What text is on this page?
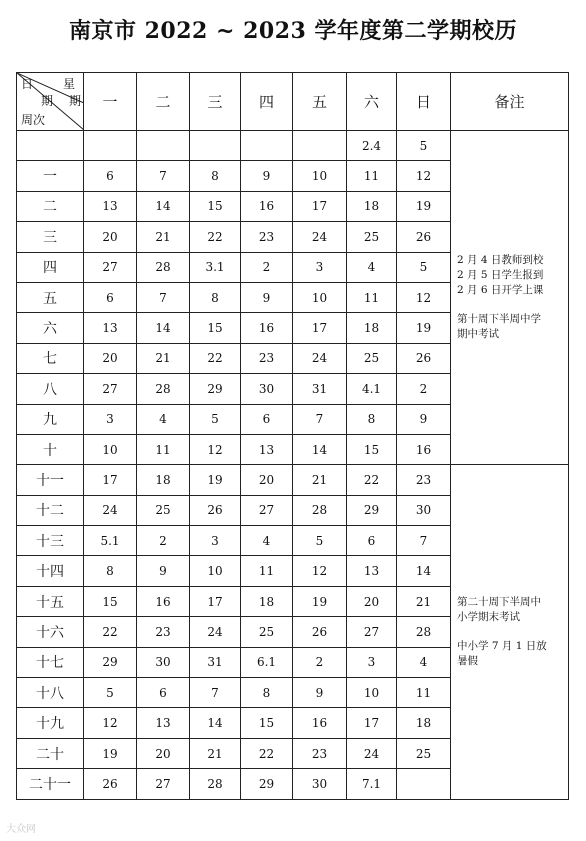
南京市 2022 ~ 2023 学年度第二学期校历
日 星
期 期
周次	一	二	三	四	五	六	日	备注
						2.4	5	2 月 4 日教师到校
2 月 5 日学生报到
2 月 6 日开学上课
第十周下半周中学
期中考试

一	6	7	8	9	10	11	12	
二	13	14	15	16	17	18	19	
三	20	21	22	23	24	25	26	
四	27	28	3.1	2	3	4	5	
五	6	7	8	9	10	11	12	
六	13	14	15	16	17	18	19	
七	20	21	22	23	24	25	26	
八	27	28	29	30	31	4.1	2	
九	3	4	5	6	7	8	9	
十	10	11	12	13	14	15	16	
十一	17	18	19	20	21	22	23	第二十周下半周中
小学期末考试
中小学 7 月 1 日放
暑假

十二	24	25	26	27	28	29	30	
十三	5.1	2	3	4	5	6	7	
十四	8	9	10	11	12	13	14	
十五	15	16	17	18	19	20	21	
十六	22	23	24	25	26	27	28	
十七	29	30	31	6.1	2	3	4	
十八	5	6	7	8	9	10	11	
十九	12	13	14	15	16	17	18	
二十	19	20	21	22	23	24	25	
二十一	26	27	28	29	30	7.1		
大众网
